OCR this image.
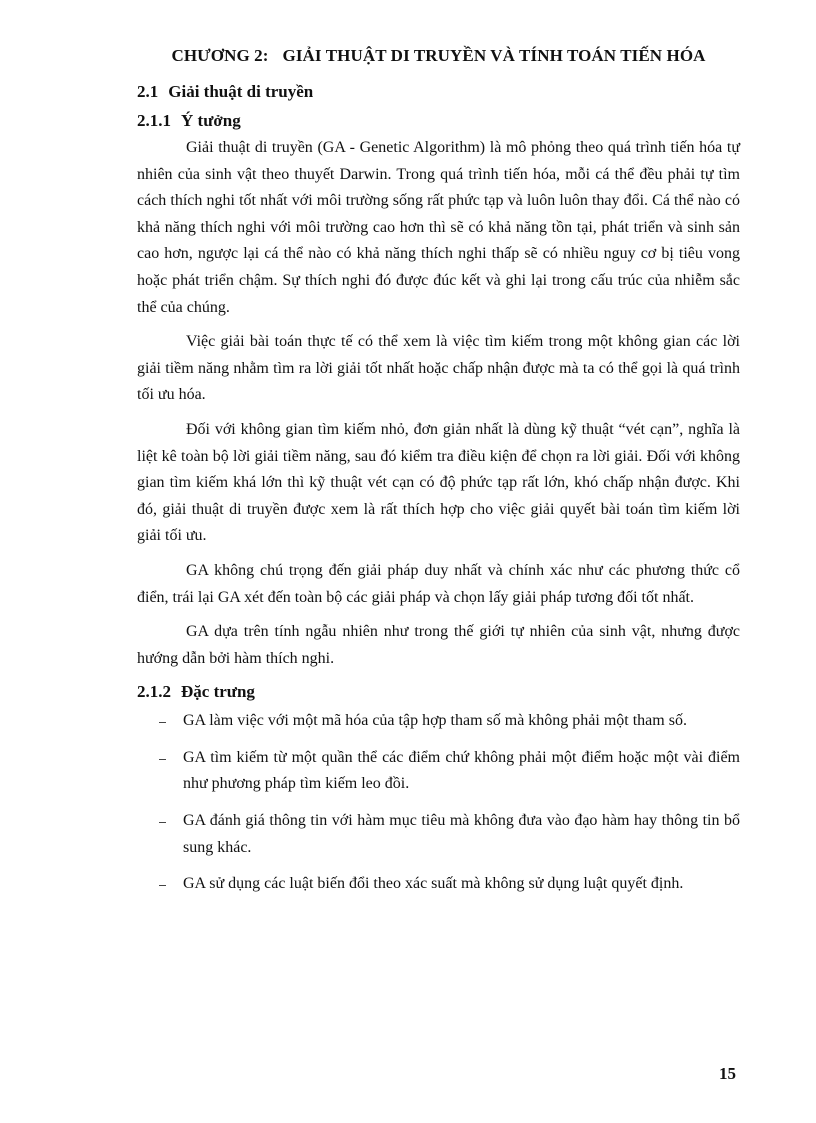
CHƯƠNG 2: GIẢI THUẬT DI TRUYỀN VÀ TÍNH TOÁN TIẾN HÓA
2.1 Giải thuật di truyền
2.1.1 Ý tưởng

Giải thuật di truyền (GA - Genetic Algorithm) là mô phỏng theo quá trình tiến hóa tự nhiên của sinh vật theo thuyết Darwin. Trong quá trình tiến hóa, mỗi cá thể đều phải tự tìm cách thích nghi tốt nhất với môi trường sống rất phức tạp và luôn luôn thay đổi. Cá thể nào có khả năng thích nghi với môi trường cao hơn thì sẽ có khả năng tồn tại, phát triển và sinh sản cao hơn, ngược lại cá thể nào có khả năng thích nghi thấp sẽ có nhiều nguy cơ bị tiêu vong hoặc phát triển chậm. Sự thích nghi đó được đúc kết và ghi lại trong cấu trúc của nhiễm sắc thể của chúng.

Việc giải bài toán thực tế có thể xem là việc tìm kiếm trong một không gian các lời giải tiềm năng nhằm tìm ra lời giải tốt nhất hoặc chấp nhận được mà ta có thể gọi là quá trình tối ưu hóa.

Đối với không gian tìm kiếm nhỏ, đơn giản nhất là dùng kỹ thuật “vét cạn”, nghĩa là liệt kê toàn bộ lời giải tiềm năng, sau đó kiểm tra điều kiện để chọn ra lời giải. Đối với không gian tìm kiếm khá lớn thì kỹ thuật vét cạn có độ phức tạp rất lớn, khó chấp nhận được. Khi đó, giải thuật di truyền được xem là rất thích hợp cho việc giải quyết bài toán tìm kiếm lời giải tối ưu.

GA không chú trọng đến giải pháp duy nhất và chính xác như các phương thức cổ điển, trái lại GA xét đến toàn bộ các giải pháp và chọn lấy giải pháp tương đối tốt nhất.

GA dựa trên tính ngẫu nhiên như trong thế giới tự nhiên của sinh vật, nhưng được hướng dẫn bởi hàm thích nghi.

2.1.2 Đặc trưng
GA làm việc với một mã hóa của tập hợp tham số mà không phải một tham số.
GA tìm kiếm từ một quần thể các điểm chứ không phải một điểm hoặc một vài điểm như phương pháp tìm kiếm leo đồi.
GA đánh giá thông tin với hàm mục tiêu mà không đưa vào đạo hàm hay thông tin bổ sung khác.
GA sử dụng các luật biến đổi theo xác suất mà không sử dụng luật quyết định.
15
